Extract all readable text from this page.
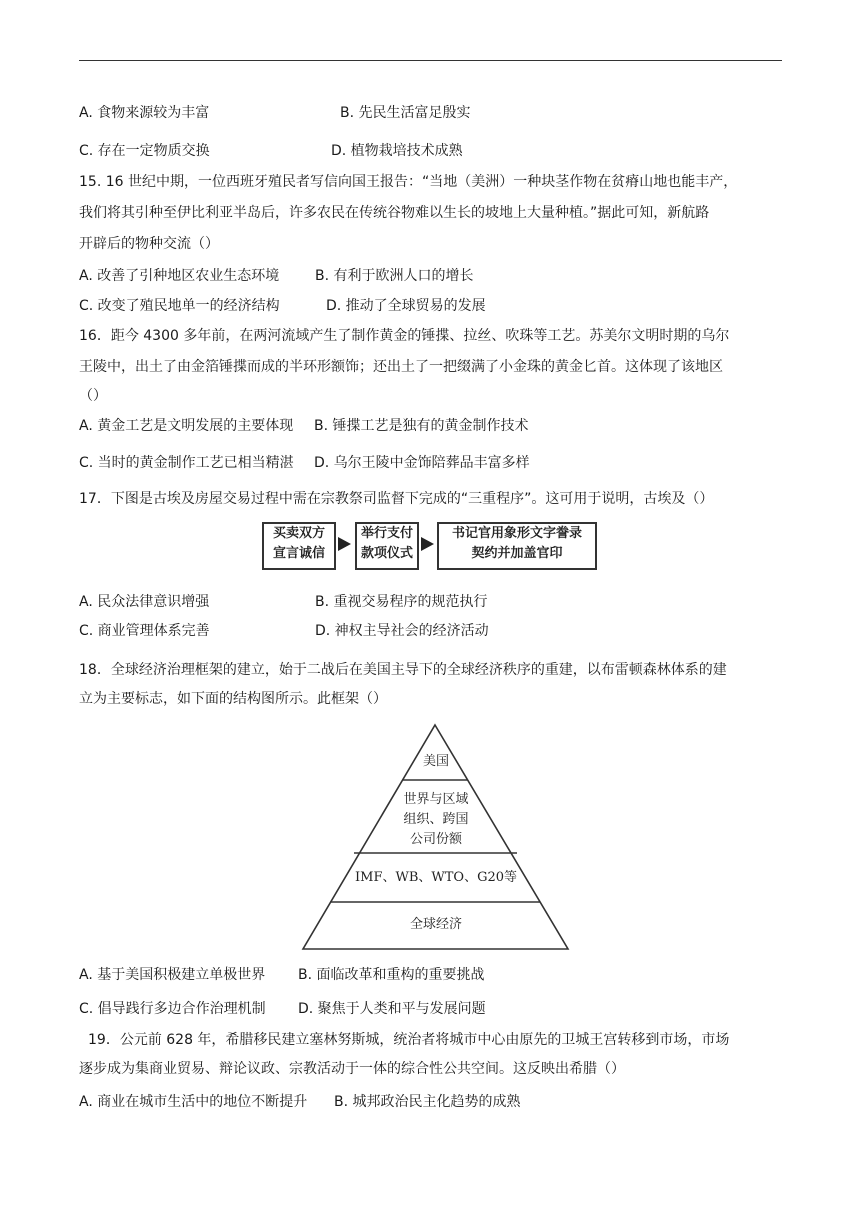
A. 食物来源较为丰富	B. 先民生活富足殷实
C. 存在一定物质交换	D. 植物栽培技术成熟
15. 16 世纪中期，一位西班牙殖民者写信向国王报告：“当地（美洲）一种块茎作物在贫瘠山地也能丰产，
我们将其引种至伊比利亚半岛后，许多农民在传统谷物难以生长的坡地上大量种植。”据此可知，新航路
开辟后的物种交流（）
A. 改善了引种地区农业生态环境	B. 有利于欧洲人口的增长
C. 改变了殖民地单一的经济结构	D. 推动了全球贸易的发展
16．距今 4300 多年前，在两河流域产生了制作黄金的锤揲、拉丝、吹珠等工艺。苏美尔文明时期的乌尔
王陵中，出土了由金箔锤揲而成的半环形额饰；还出土了一把缀满了小金珠的黄金匕首。这体现了该地区
（）
A. 黄金工艺是文明发展的主要体现 B. 锤揲工艺是独有的黄金制作技术
C. 当时的黄金制作工艺已相当精湛 D. 乌尔王陵中金饰陪葬品丰富多样
17．下图是古埃及房屋交易过程中需在宗教祭司监督下完成的“三重程序”。这可用于说明，古埃及（）
买卖双方
宣言诚信
举行支付
款项仪式
书记官用象形文字誊录
契约并加盖官印
A. 民众法律意识增强	B. 重视交易程序的规范执行
C. 商业管理体系完善	D. 神权主导社会的经济活动
18．全球经济治理框架的建立，始于二战后在美国主导下的全球经济秩序的重建，以布雷顿森林体系的建
立为主要标志，如下面的结构图所示。此框架（）
美国
世界与区域
组织、跨国
公司份额
IMF、WB、WTO、G20等
全球经济
A. 基于美国积极建立单极世界 B. 面临改革和重构的重要挑战
C. 倡导践行多边合作治理机制 D. 聚焦于人类和平与发展问题
19．公元前 628 年，希腊移民建立塞林努斯城，统治者将城市中心由原先的卫城王宫转移到市场，市场
逐步成为集商业贸易、辩论议政、宗教活动于一体的综合性公共空间。这反映出希腊（）
A. 商业在城市生活中的地位不断提升 B. 城邦政治民主化趋势的成熟
